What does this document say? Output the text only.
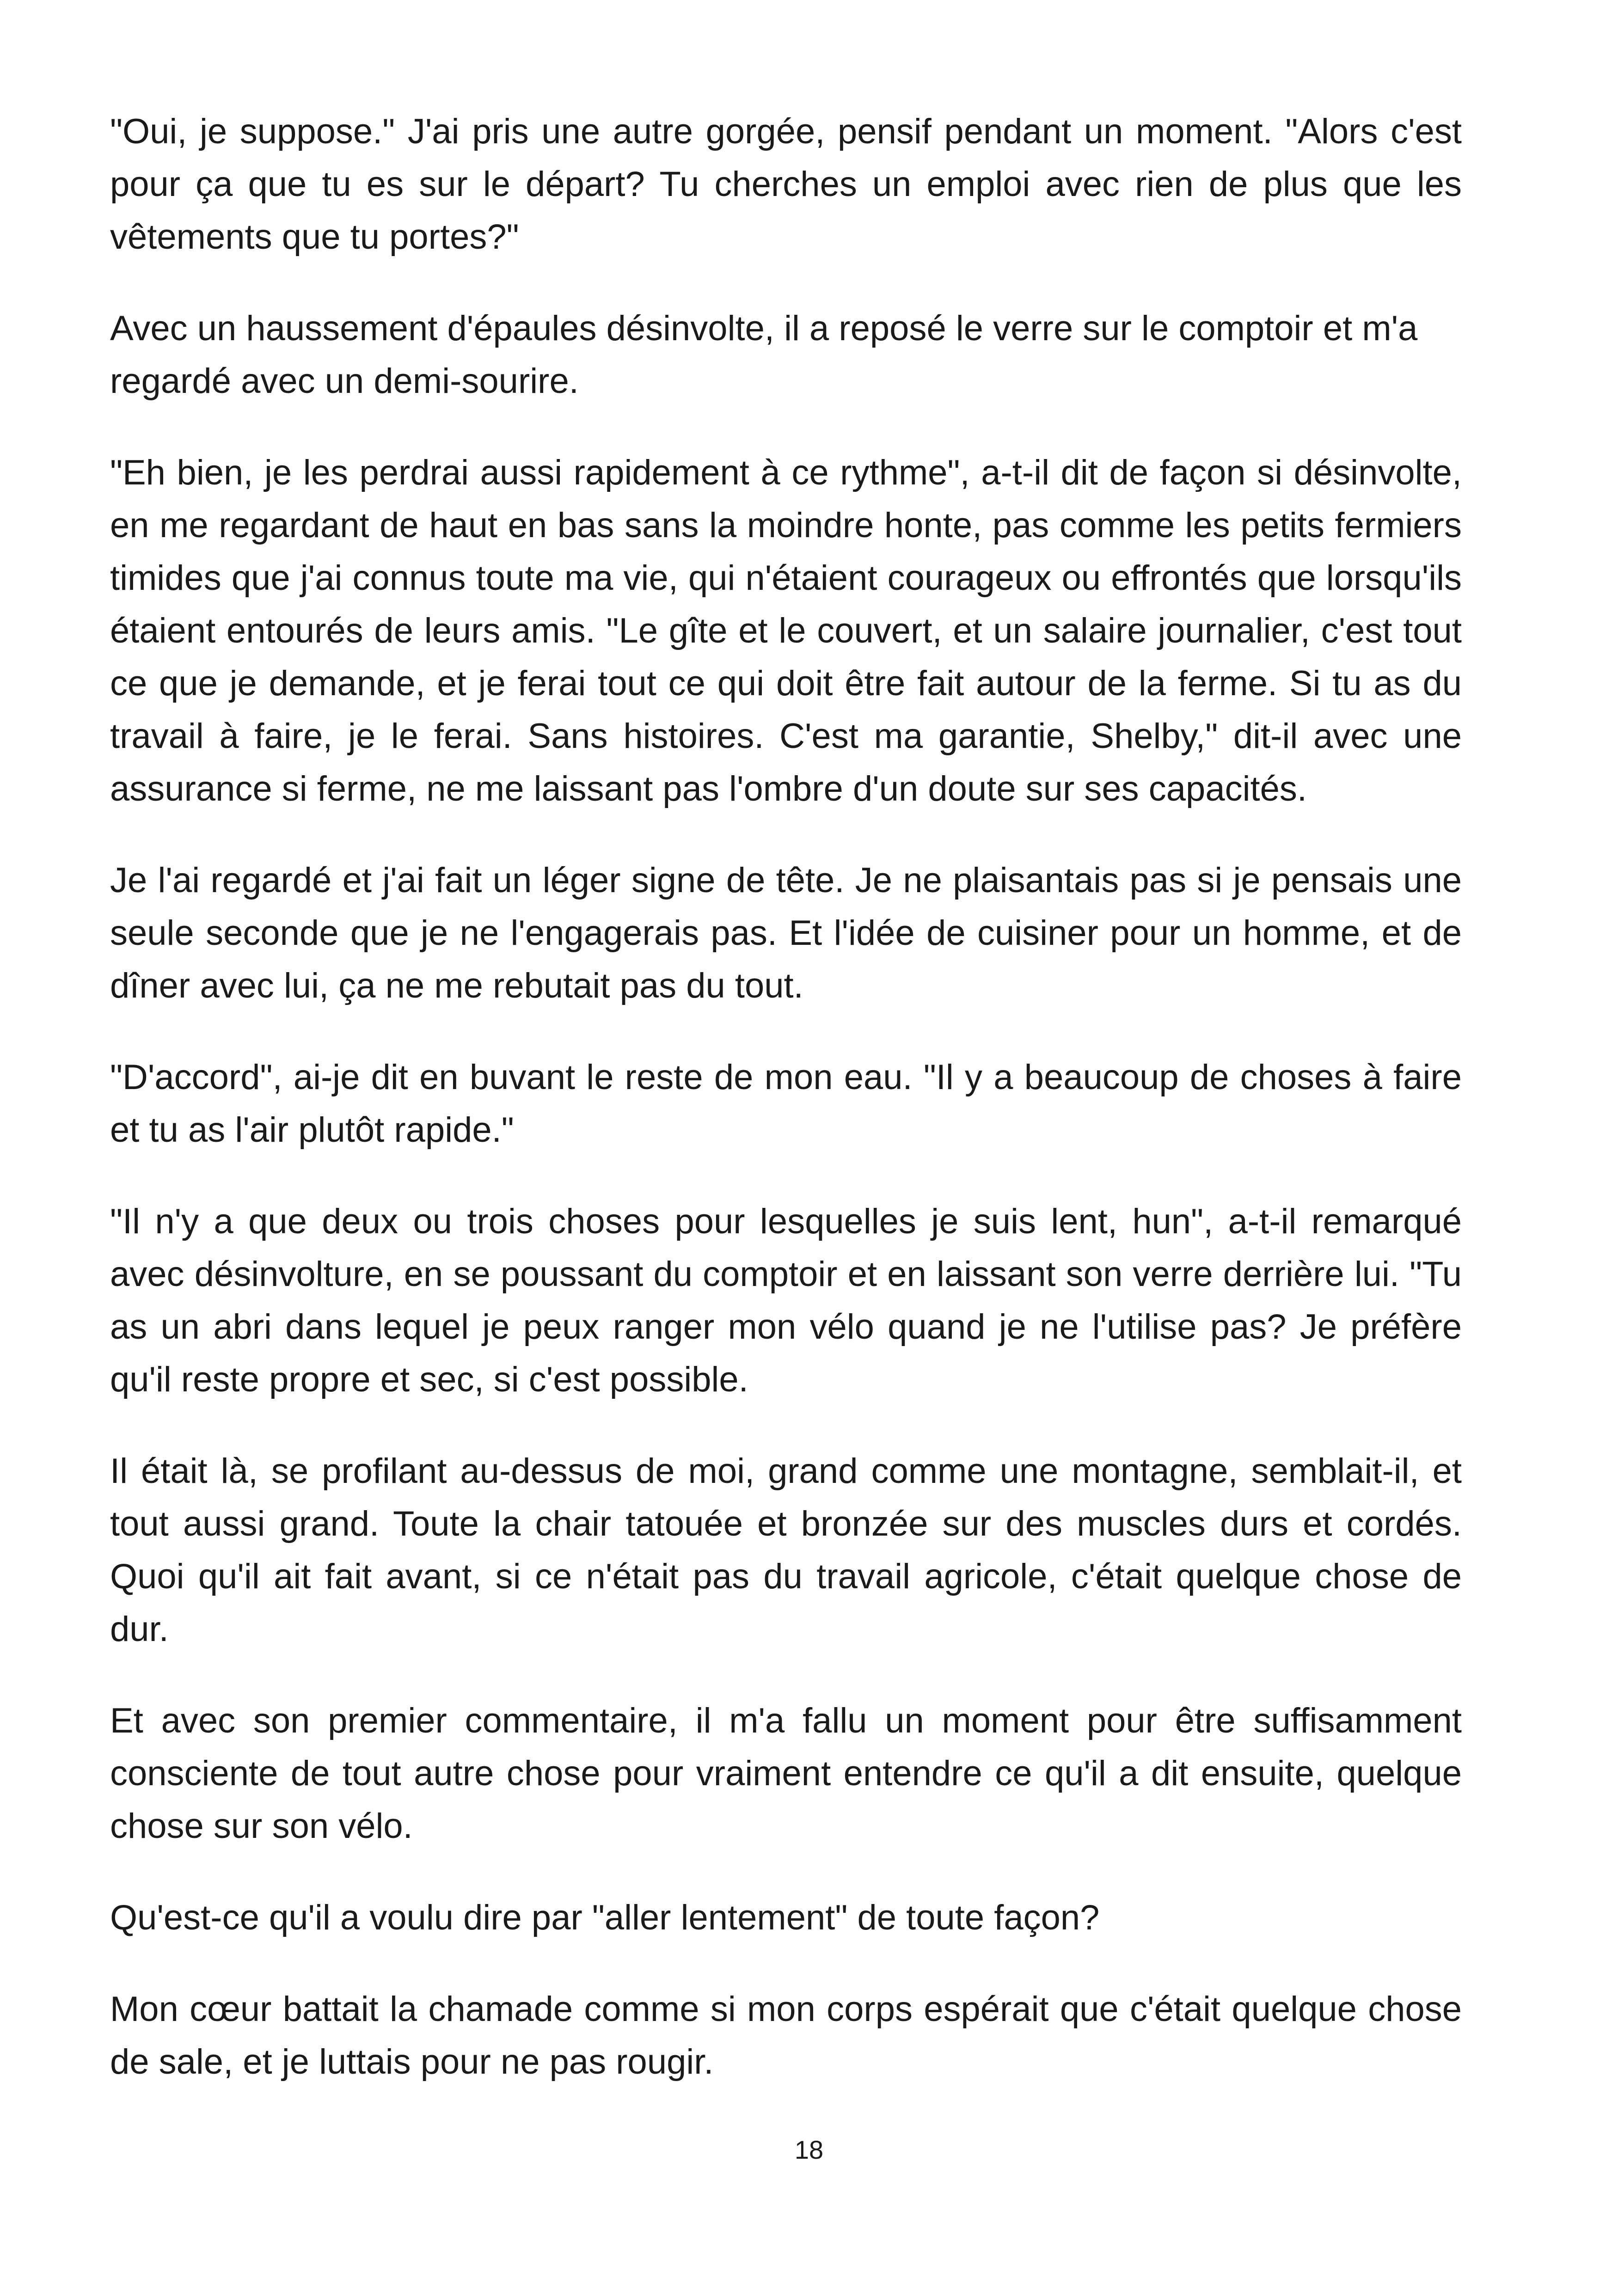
"Oui, je suppose." J'ai pris une autre gorgée, pensif pendant un moment. "Alors c'est pour ça que tu es sur le départ? Tu cherches un emploi avec rien de plus que les vêtements que tu portes?"

Avec un haussement d'épaules désinvolte, il a reposé le verre sur le comptoir et m'a regardé avec un demi-sourire.

"Eh bien, je les perdrai aussi rapidement à ce rythme", a-t-il dit de façon si désinvolte, en me regardant de haut en bas sans la moindre honte, pas comme les petits fermiers timides que j'ai connus toute ma vie, qui n'étaient courageux ou effrontés que lorsqu'ils étaient entourés de leurs amis. "Le gîte et le couvert, et un salaire journalier, c'est tout ce que je demande, et je ferai tout ce qui doit être fait autour de la ferme. Si tu as du travail à faire, je le ferai. Sans histoires. C'est ma garantie, Shelby," dit-il avec une assurance si ferme, ne me laissant pas l'ombre d'un doute sur ses capacités.

Je l'ai regardé et j'ai fait un léger signe de tête. Je ne plaisantais pas si je pensais une seule seconde que je ne l'engagerais pas. Et l'idée de cuisiner pour un homme, et de dîner avec lui, ça ne me rebutait pas du tout.

"D'accord", ai-je dit en buvant le reste de mon eau. "Il y a beaucoup de choses à faire et tu as l'air plutôt rapide."

"Il n'y a que deux ou trois choses pour lesquelles je suis lent, hun", a-t-il remarqué avec désinvolture, en se poussant du comptoir et en laissant son verre derrière lui. "Tu as un abri dans lequel je peux ranger mon vélo quand je ne l'utilise pas? Je préfère qu'il reste propre et sec, si c'est possible.

Il était là, se profilant au-dessus de moi, grand comme une montagne, semblait-il, et tout aussi grand. Toute la chair tatouée et bronzée sur des muscles durs et cordés. Quoi qu'il ait fait avant, si ce n'était pas du travail agricole, c'était quelque chose de dur.

Et avec son premier commentaire, il m'a fallu un moment pour être suffisamment consciente de tout autre chose pour vraiment entendre ce qu'il a dit ensuite, quelque chose sur son vélo.

Qu'est-ce qu'il a voulu dire par "aller lentement" de toute façon?

Mon cœur battait la chamade comme si mon corps espérait que c'était quelque chose de sale, et je luttais pour ne pas rougir.

18
